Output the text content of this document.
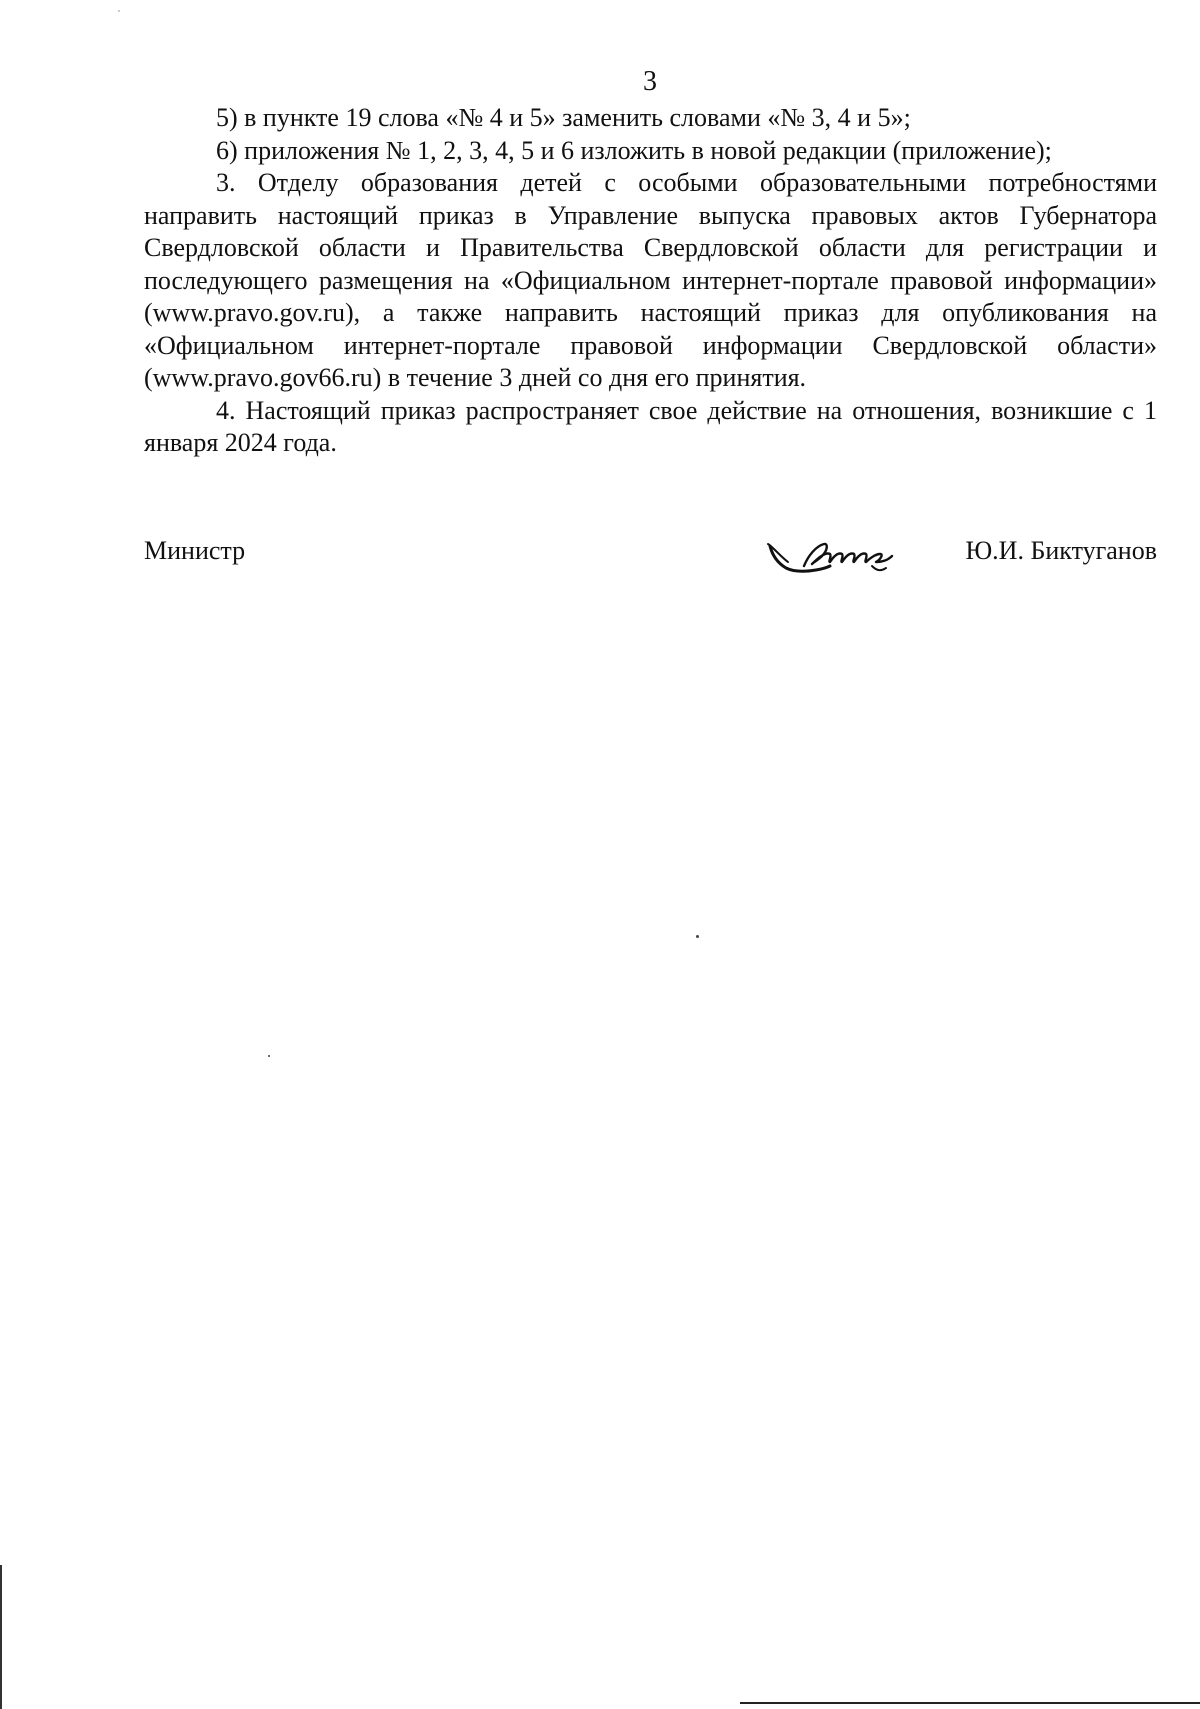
3

5) в пункте 19 слова «№ 4 и 5» заменить словами «№ 3, 4 и 5»;

6) приложения № 1, 2, 3, 4, 5 и 6 изложить в новой редакции (приложение);

3. Отделу образования детей с особыми образовательными потребностями направить настоящий приказ в Управление выпуска правовых актов Губернатора Свердловской области и Правительства Свердловской области для регистрации и последующего размещения на «Официальном интернет-портале правовой информации» (www.pravo.gov.ru), а также направить настоящий приказ для опубликования на «Официальном интернет-портале правовой информации Свердловской области» (www.pravo.gov66.ru) в течение 3 дней со дня его принятия.

4. Настоящий приказ распространяет свое действие на отношения, возникшие с 1 января 2024 года.

Министр	Ю.И. Биктуганов
